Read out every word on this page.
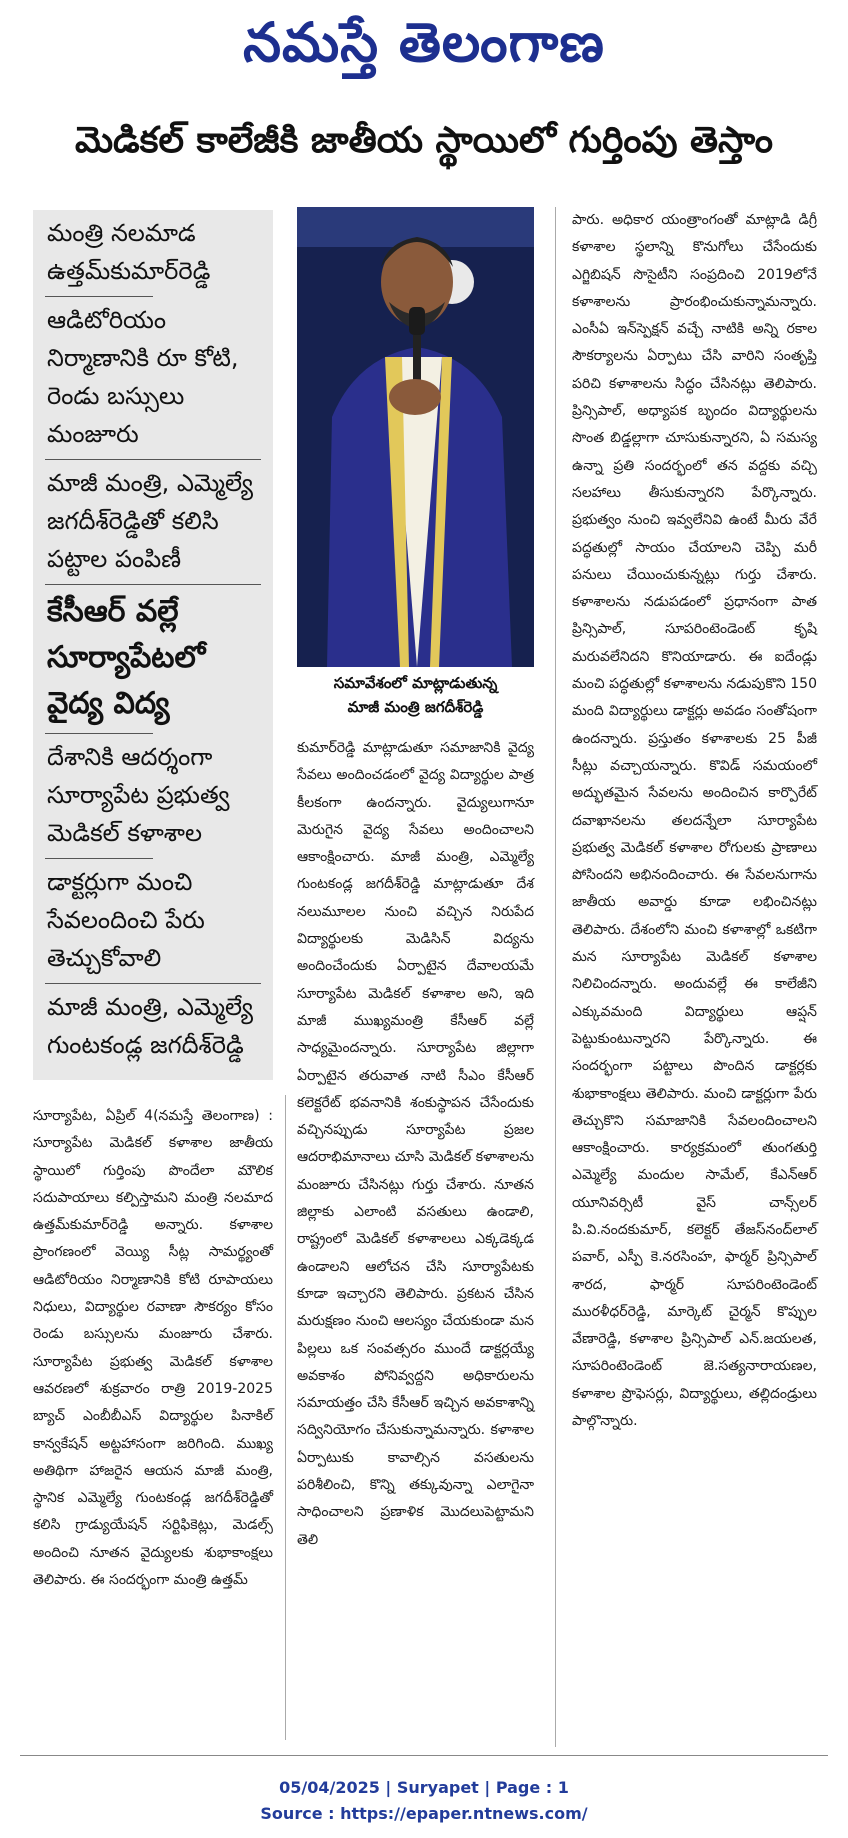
నమస్తే తెలంగాణ
మెడికల్ కాలేజీకి జాతీయ స్థాయిలో గుర్తింపు తెస్తాం
మంత్రి నలమాడ ఉత్తమ్‌కుమార్‌రెడ్డి
ఆడిటోరియం నిర్మాణానికి రూ కోటి, రెండు బస్సులు మంజూరు
మాజీ మంత్రి, ఎమ్మెల్యే జగదీశ్‌రెడ్డితో కలిసి పట్టాల పంపిణీ
కేసీఆర్ వల్లే సూర్యాపేటలో వైద్య విద్య
దేశానికి ఆదర్శంగా సూర్యాపేట ప్రభుత్వ మెడికల్ కళాశాల
డాక్టర్లుగా మంచి సేవలందించి పేరు తెచ్చుకోవాలి
మాజీ మంత్రి, ఎమ్మెల్యే గుంటకండ్ల జగదీశ్‌రెడ్డి
సమావేశంలో మాట్లాడుతున్న
మాజీ మంత్రి జగదీశ్‌రెడ్డి

సూర్యాపేట, ఏప్రిల్ 4(నమస్తే తెలంగాణ) : సూర్యాపేట మెడికల్ కళాశాల జాతీయ స్థాయిలో గుర్తింపు పొందేలా మౌలిక సదుపాయాలు కల్పిస్తామని మంత్రి నలమాద ఉత్తమ్‌కుమార్‌రెడ్డి అన్నారు. కళాశాల ప్రాంగణంలో వెయ్యి సీట్ల సామర్థ్యంతో ఆడిటోరియం నిర్మాణానికి కోటి రూపాయలు నిధులు, విద్యార్థుల రవాణా సౌకర్యం కోసం రెండు బస్సులను మంజూరు చేశారు. సూర్యాపేట ప్రభుత్వ మెడికల్ కళాశాల ఆవరణలో శుక్రవారం రాత్రి 2019-2025 బ్యాచ్ ఎంబీబీఎస్ విద్యార్థుల పినాకిల్ కాన్వకేషన్ అట్టహాసంగా జరిగింది. ముఖ్య అతిథిగా హాజరైన ఆయన మాజీ మంత్రి, స్థానిక ఎమ్మెల్యే గుంటకండ్ల జగదీశ్‌రెడ్డితో కలిసి గ్రాడ్యుయేషన్ సర్టిఫికెట్లు, మెడల్స్ అందించి నూతన వైద్యులకు శుభాకాంక్షలు తెలిపారు. ఈ సందర్భంగా మంత్రి ఉత్తమ్

కుమార్‌రెడ్డి మాట్లాడుతూ సమాజానికి వైద్య సేవలు అందించడంలో వైద్య విద్యార్థుల పాత్ర కీలకంగా ఉందన్నారు. వైద్యులుగానూ మెరుగైన వైద్య సేవలు అందించాలని ఆకాంక్షించారు. మాజీ మంత్రి, ఎమ్మెల్యే గుంటకండ్ల జగదీశ్‌రెడ్డి మాట్లాడుతూ దేశ నలుమూలల నుంచి వచ్చిన నిరుపేద విద్యార్థులకు మెడిసిన్ విద్యను అందించేందుకు ఏర్పాటైన దేవాలయమే సూర్యాపేట మెడికల్ కళాశాల అని, ఇది మాజీ ముఖ్యమంత్రి కేసీఆర్ వల్లే సాధ్యమైందన్నారు. సూర్యాపేట జిల్లాగా ఏర్పాటైన తరువాత నాటి సీఎం కేసీఆర్ కలెక్టరేట్ భవనానికి శంకుస్థాపన చేసేందుకు వచ్చినప్పుడు సూర్యాపేట ప్రజల ఆదరాభిమానాలు చూసి మెడికల్ కళాశాలను మంజూరు చేసినట్లు గుర్తు చేశారు. నూతన జిల్లాకు ఎలాంటి వసతులు ఉండాలి, రాష్ట్రంలో మెడికల్ కళాశాలలు ఎక్కడెక్కడ ఉండాలని ఆలోచన చేసి సూర్యాపేటకు కూడా ఇచ్చారని తెలిపారు. ప్రకటన చేసిన మరుక్షణం నుంచి ఆలస్యం చేయకుండా మన పిల్లలు ఒక సంవత్సరం ముందే డాక్టర్లయ్యే అవకాశం పోనివ్వద్దని అధికారులను సమాయత్తం చేసి కేసీఆర్ ఇచ్చిన అవకాశాన్ని సద్వినియోగం చేసుకున్నామన్నారు. కళాశాల ఏర్పాటుకు కావాల్సిన వసతులను పరిశీలించి, కొన్ని తక్కువున్నా ఎలాగైనా సాధించాలని ప్రణాళిక మొదలుపెట్టామని తెలి

పారు. అధికార యంత్రాంగంతో మాట్లాడి డిగ్రీ కళాశాల స్థలాన్ని కొనుగోలు చేసేందుకు ఎగ్జిబిషన్ సొసైటీని సంప్రదించి 2019లోనే కళాశాలను ప్రారంభించుకున్నామన్నారు. ఎంసీఏ ఇన్‌స్పెక్షన్ వచ్చే నాటికి అన్ని రకాల సౌకర్యాలను ఏర్పాటు చేసి వారిని సంతృప్తి పరిచి కళాశాలను సిద్ధం చేసినట్లు తెలిపారు. ప్రిన్సిపాల్, అధ్యాపక బృందం విద్యార్థులను సొంత బిడ్డల్లాగా చూసుకున్నారని, ఏ సమస్య ఉన్నా ప్రతి సందర్భంలో తన వద్దకు వచ్చి సలహాలు తీసుకున్నారని పేర్కొన్నారు. ప్రభుత్వం నుంచి ఇవ్వలేనివి ఉంటే మీరు వేరే పద్ధతుల్లో సాయం చేయాలని చెప్పి మరీ పనులు చేయించుకున్నట్లు గుర్తు చేశారు. కళాశాలను నడుపడంలో ప్రధానంగా పాత ప్రిన్సిపాల్, సూపరింటెండెంట్ కృషి మరువలేనిదని కొనియాడారు. ఈ ఐదేండ్లు మంచి పద్ధతుల్లో కళాశాలను నడుపుకొని 150 మంది విద్యార్థులు డాక్టర్లు అవడం సంతోషంగా ఉందన్నారు. ప్రస్తుతం కళాశాలకు 25 పీజీ సీట్లు వచ్చాయన్నారు. కొవిడ్ సమయంలో అద్భుతమైన సేవలను అందించిన కార్పొరేట్ దవాఖానలను తలదన్నేలా సూర్యాపేట ప్రభుత్వ మెడికల్ కళాశాల రోగులకు ప్రాణాలు పోసిందని అభినందించారు. ఈ సేవలనుగాను జాతీయ అవార్డు కూడా లభించినట్లు తెలిపారు. దేశంలోని మంచి కళాశాల్లో ఒకటిగా మన సూర్యాపేట మెడికల్ కళాశాల నిలిచిందన్నారు. అందువల్లే ఈ కాలేజీని ఎక్కువమంది విద్యార్థులు ఆప్షన్ పెట్టుకుంటున్నారని పేర్కొన్నారు. ఈ సందర్భంగా పట్టాలు పొందిన డాక్టర్లకు శుభాకాంక్షలు తెలిపారు. మంచి డాక్టర్లుగా పేరు తెచ్చుకొని సమాజానికి సేవలందించాలని ఆకాంక్షించారు. కార్యక్రమంలో తుంగతుర్తి ఎమ్మెల్యే మందుల సామేల్, కేఎన్ఆర్ యూనివర్సిటీ వైస్ చాన్స్‌లర్ పి.వి.నందకుమార్, కలెక్టర్ తేజస్‌నంద్‌లాల్ పవార్, ఎస్పీ కె.నరసింహ, ఫార్మర్ ప్రిన్సిపాల్ శారద, ఫార్మర్ సూపరింటెండెంట్ మురళీధర్‌రెడ్డి, మార్కెట్ చైర్మన్ కొప్పుల వేణారెడ్డి, కళాశాల ప్రిన్సిపాల్ ఎన్.జయలత, సూపరింటెండెంట్ జె.సత్యనారాయణల, కళాశాల ప్రొఫెసర్లు, విద్యార్థులు, తల్లిదండ్రులు పాల్గొన్నారు.

05/04/2025 | Suryapet | Page : 1
Source : https://epaper.ntnews.com/
